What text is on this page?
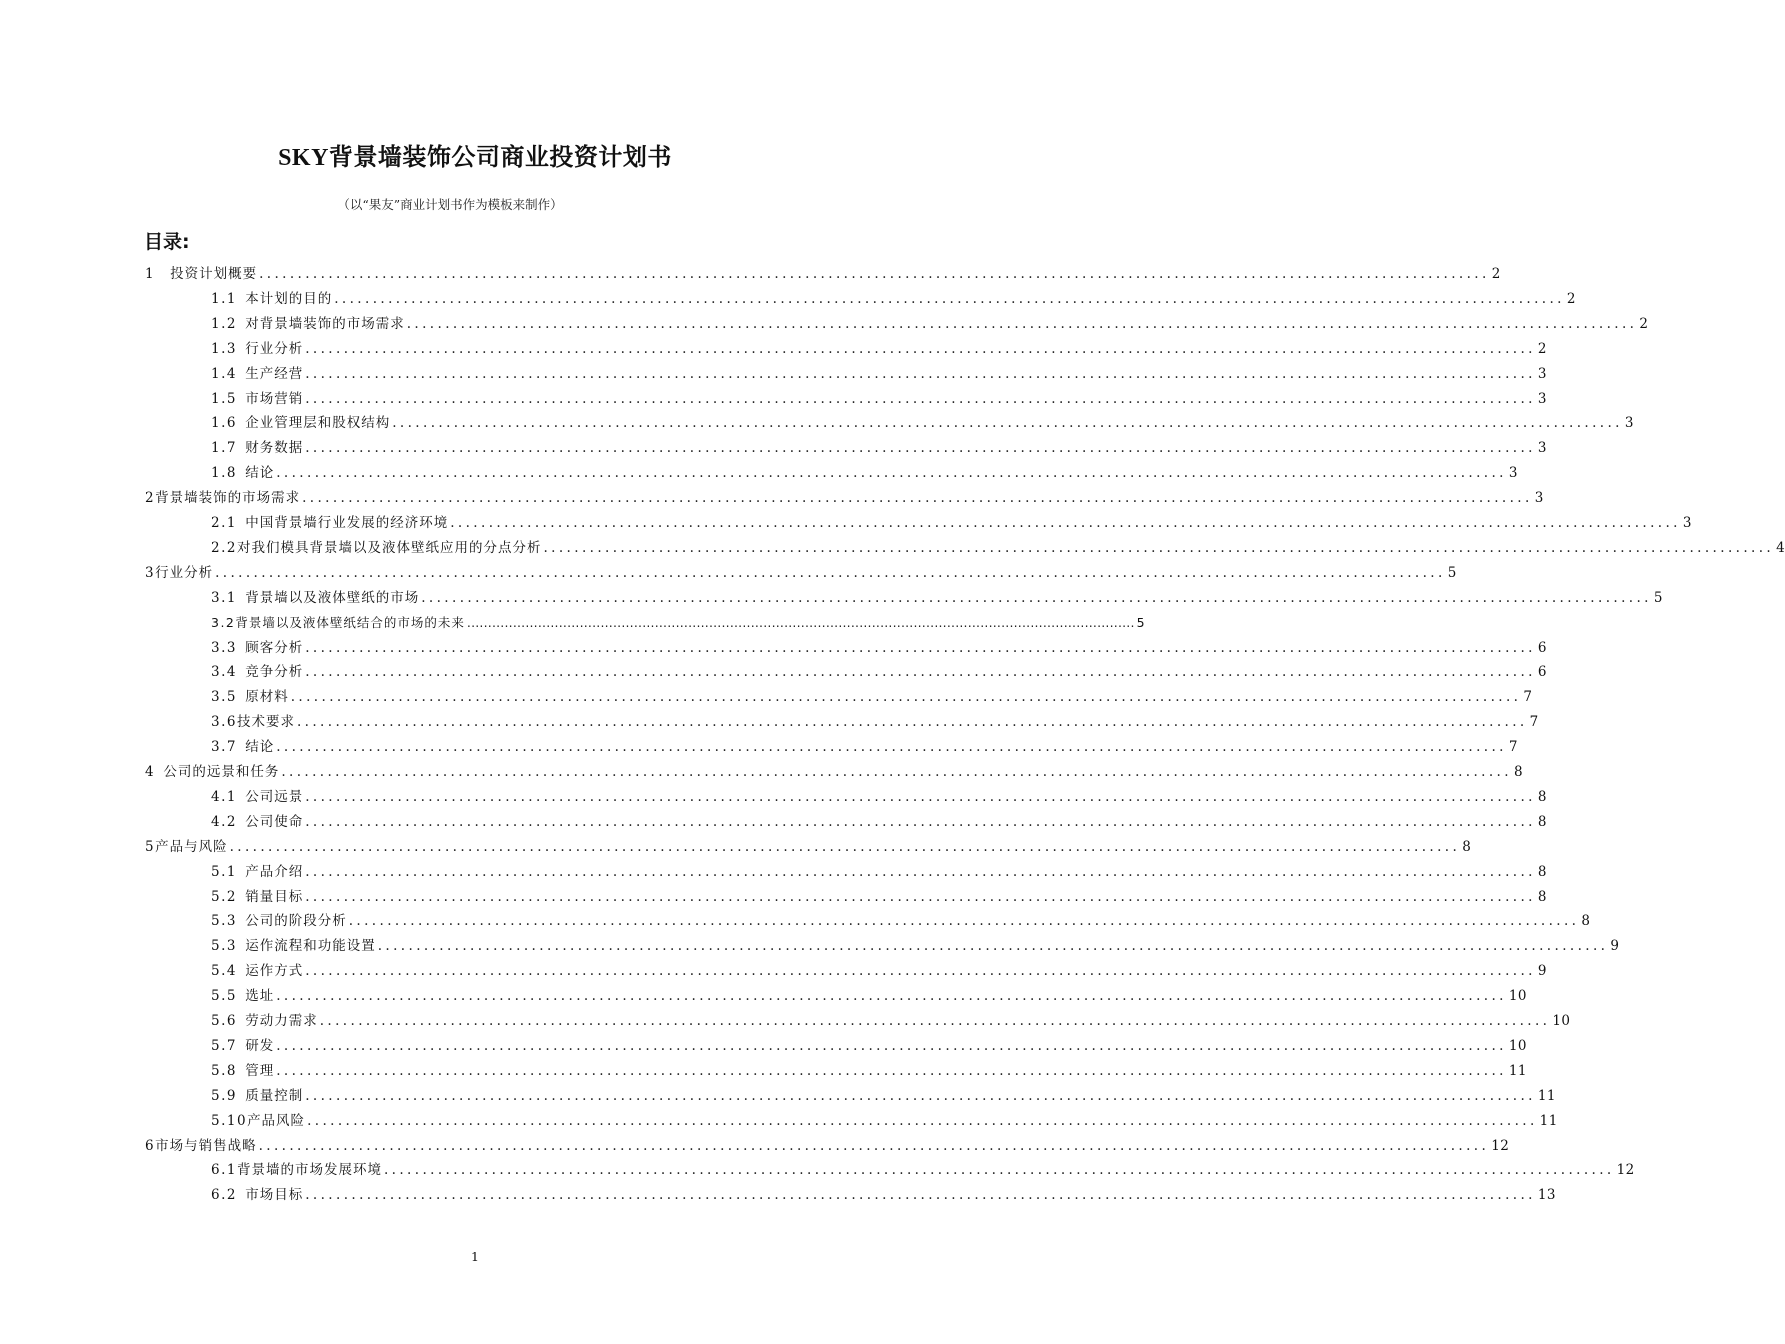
SKY背景墙装饰公司商业投资计划书
（以“果友”商业计划书作为模板来制作）
目录:
1  投资计划概要 ................................................................................................................................................................ 2
1.1  本计划的目的 ................................................................................................................................................................ 2
1.2  对背景墙装饰的市场需求 ................................................................................................................................................................ 2
1.3  行业分析 ................................................................................................................................................................ 2
1.4  生产经营 ................................................................................................................................................................ 3
1.5  市场营销 ................................................................................................................................................................ 3
1.6  企业管理层和股权结构 ................................................................................................................................................................ 3
1.7  财务数据 ................................................................................................................................................................ 3
1.8  结论 ................................................................................................................................................................ 3
2 背景墙装饰的市场需求 ................................................................................................................................................................ 3
2.1  中国背景墙行业发展的经济环境 ................................................................................................................................................................ 3
2.2 对我们模具背景墙以及液体壁纸应用的分点分析 ................................................................................................................................................................ 4
3 行业分析 ................................................................................................................................................................ 5
3.1  背景墙以及液体壁纸的市场 ................................................................................................................................................................ 5
3.2 背景墙以及液体壁纸结合的市场的未来 ................................................................................................................................................................ 5
3.3  顾客分析 ................................................................................................................................................................ 6
3.4  竞争分析 ................................................................................................................................................................ 6
3.5  原材料 ................................................................................................................................................................ 7
3.6 技术要求 ................................................................................................................................................................ 7
3.7  结论 ................................................................................................................................................................ 7
4  公司的远景和任务 ................................................................................................................................................................ 8
4.1  公司远景 ................................................................................................................................................................ 8
4.2  公司使命 ................................................................................................................................................................ 8
5 产品与风险 ................................................................................................................................................................ 8
5.1  产品介绍 ................................................................................................................................................................ 8
5.2  销量目标 ................................................................................................................................................................ 8
5.3  公司的阶段分析 ................................................................................................................................................................ 8
5.3  运作流程和功能设置 ................................................................................................................................................................ 9
5.4  运作方式 ................................................................................................................................................................ 9
5.5  选址 ................................................................................................................................................................ 10
5.6  劳动力需求 ................................................................................................................................................................ 10
5.7  研发 ................................................................................................................................................................ 10
5.8  管理 ................................................................................................................................................................ 11
5.9  质量控制 ................................................................................................................................................................ 11
5.10 产品风险 ................................................................................................................................................................ 11
6 市场与销售战略 ................................................................................................................................................................ 12
6.1 背景墙的市场发展环境 ................................................................................................................................................................ 12
6.2  市场目标 ................................................................................................................................................................ 13
1
